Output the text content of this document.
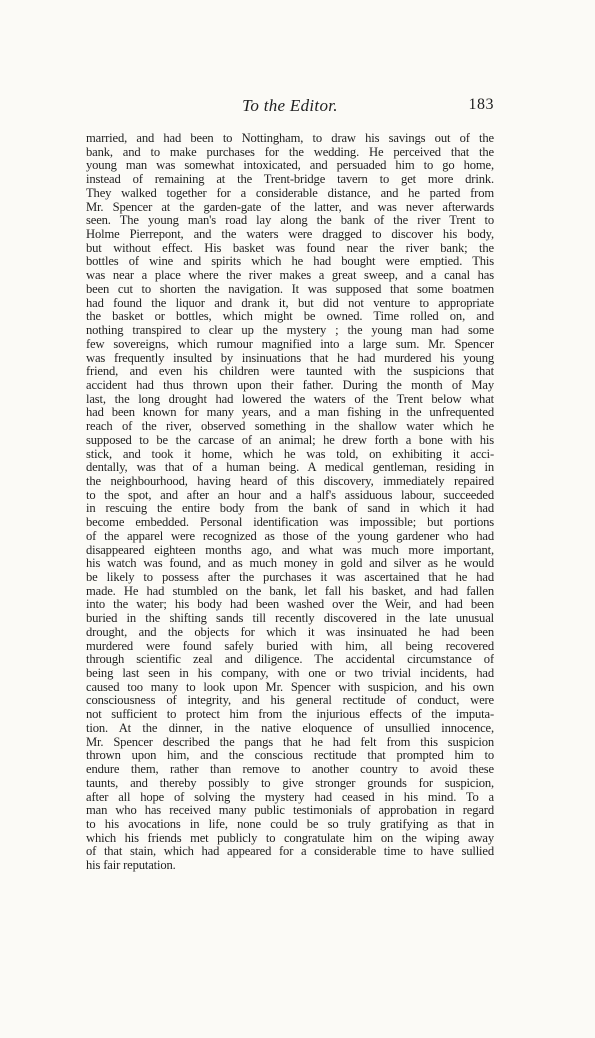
To the Editor.	183
married, and had been to Nottingham, to draw his savings out of the
bank, and to make purchases for the wedding. He perceived that the
young man was somewhat intoxicated, and persuaded him to go home,
instead of remaining at the Trent-bridge tavern to get more drink.
They walked together for a considerable distance, and he parted from
Mr. Spencer at the garden-gate of the latter, and was never afterwards
seen. The young man's road lay along the bank of the river Trent to
Holme Pierrepont, and the waters were dragged to discover his body,
but without effect. His basket was found near the river bank; the
bottles of wine and spirits which he had bought were emptied. This
was near a place where the river makes a great sweep, and a canal has
been cut to shorten the navigation. It was supposed that some boatmen
had found the liquor and drank it, but did not venture to appropriate
the basket or bottles, which might be owned. Time rolled on, and
nothing transpired to clear up the mystery ; the young man had some
few sovereigns, which rumour magnified into a large sum. Mr. Spencer
was frequently insulted by insinuations that he had murdered his young
friend, and even his children were taunted with the suspicions that
accident had thus thrown upon their father. During the month of May
last, the long drought had lowered the waters of the Trent below what
had been known for many years, and a man fishing in the unfrequented
reach of the river, observed something in the shallow water which he
supposed to be the carcase of an animal; he drew forth a bone with his
stick, and took it home, which he was told, on exhibiting it acci-
dentally, was that of a human being. A medical gentleman, residing in
the neighbourhood, having heard of this discovery, immediately repaired
to the spot, and after an hour and a half's assiduous labour, succeeded
in rescuing the entire body from the bank of sand in which it had
become embedded. Personal identification was impossible; but portions
of the apparel were recognized as those of the young gardener who had
disappeared eighteen months ago, and what was much more important,
his watch was found, and as much money in gold and silver as he would
be likely to possess after the purchases it was ascertained that he had
made. He had stumbled on the bank, let fall his basket, and had fallen
into the water; his body had been washed over the Weir, and had been
buried in the shifting sands till recently discovered in the late unusual
drought, and the objects for which it was insinuated he had been
murdered were found safely buried with him, all being recovered
through scientific zeal and diligence. The accidental circumstance of
being last seen in his company, with one or two trivial incidents, had
caused too many to look upon Mr. Spencer with suspicion, and his own
consciousness of integrity, and his general rectitude of conduct, were
not sufficient to protect him from the injurious effects of the imputa-
tion. At the dinner, in the native eloquence of unsullied innocence,
Mr. Spencer described the pangs that he had felt from this suspicion
thrown upon him, and the conscious rectitude that prompted him to
endure them, rather than remove to another country to avoid these
taunts, and thereby possibly to give stronger grounds for suspicion,
after all hope of solving the mystery had ceased in his mind. To a
man who has received many public testimonials of approbation in regard
to his avocations in life, none could be so truly gratifying as that in
which his friends met publicly to congratulate him on the wiping away
of that stain, which had appeared for a considerable time to have sullied
his fair reputation.
